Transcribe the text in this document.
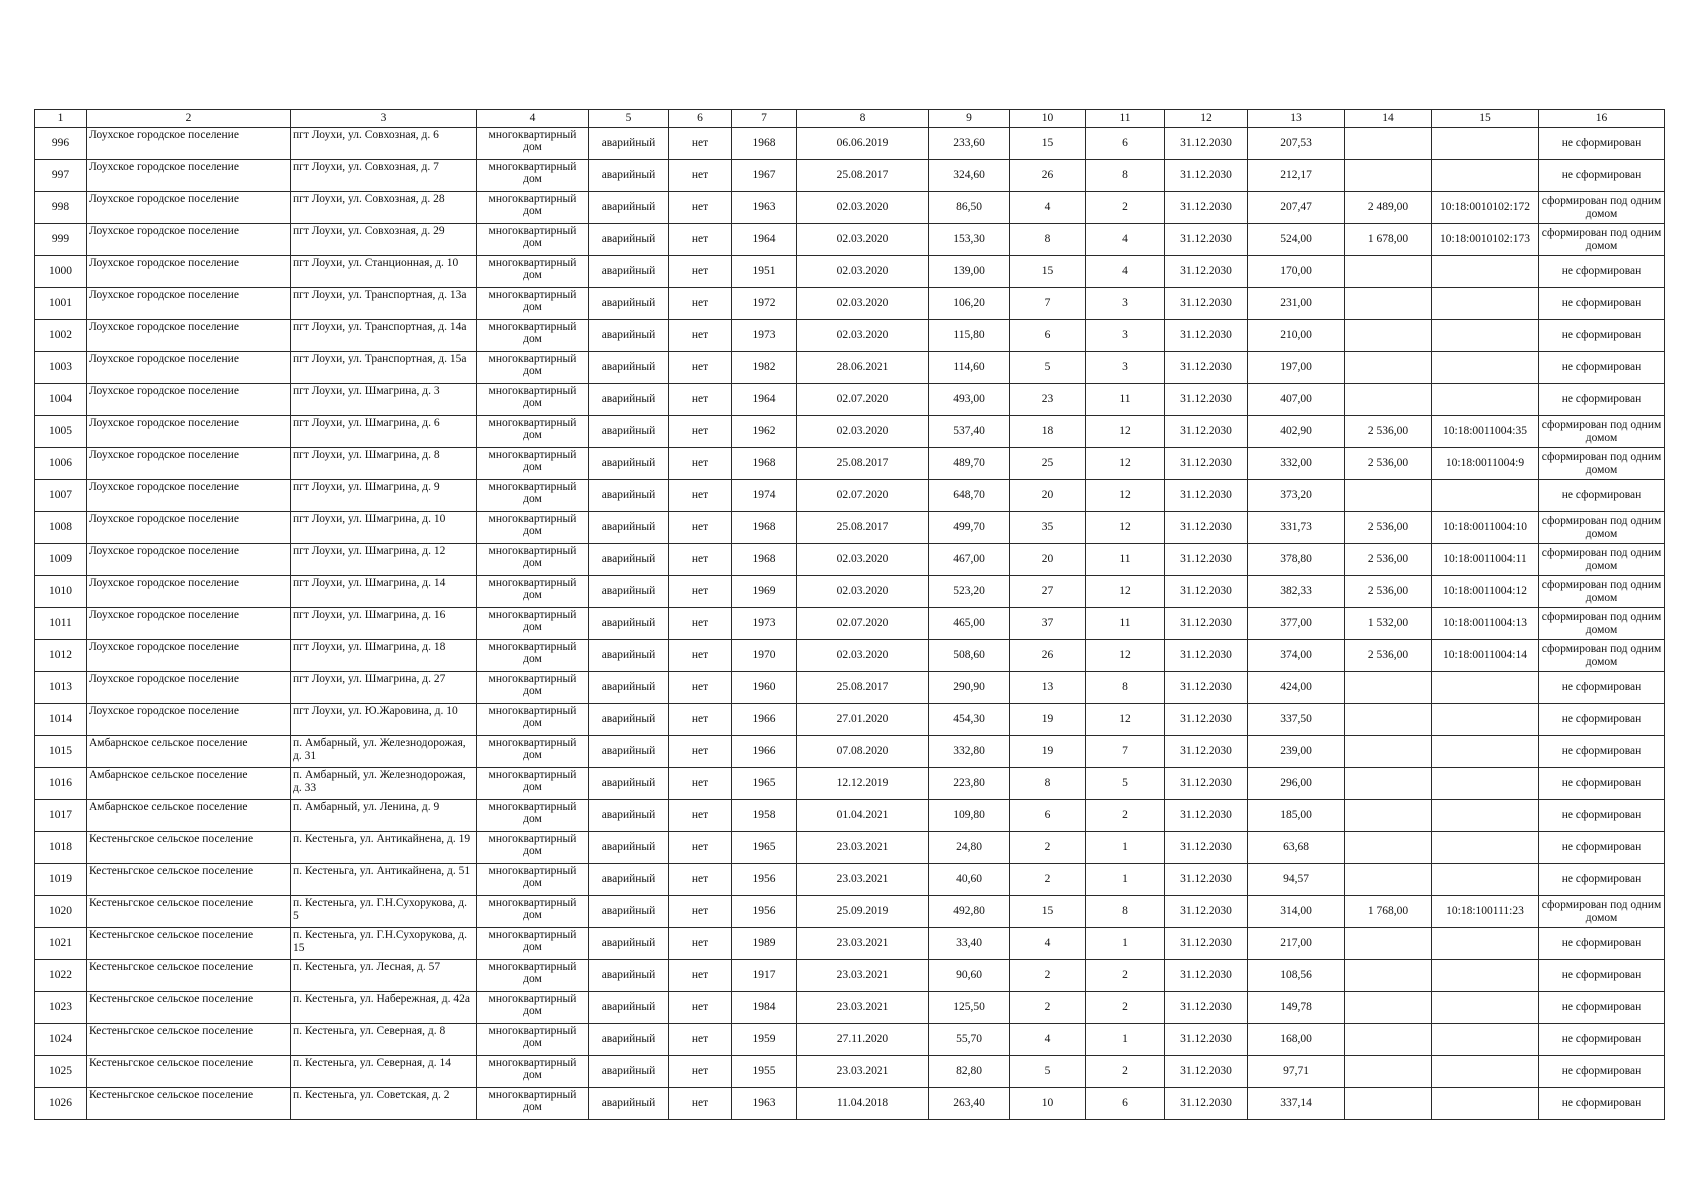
1	2	3	4	5	6	7	8	9	10	11	12	13	14	15	16
996	Лоухское городское поселение	пгт Лоухи, ул. Совхозная, д. 6	многоквартирный дом	аварийный	нет	1968	06.06.2019	233,60	15	6	31.12.2030	207,53			не сформирован
997	Лоухское городское поселение	пгт Лоухи, ул. Совхозная, д. 7	многоквартирный дом	аварийный	нет	1967	25.08.2017	324,60	26	8	31.12.2030	212,17			не сформирован
998	Лоухское городское поселение	пгт Лоухи, ул. Совхозная, д. 28	многоквартирный дом	аварийный	нет	1963	02.03.2020	86,50	4	2	31.12.2030	207,47	2 489,00	10:18:0010102:172	сформирован под одним домом
999	Лоухское городское поселение	пгт Лоухи, ул. Совхозная, д. 29	многоквартирный дом	аварийный	нет	1964	02.03.2020	153,30	8	4	31.12.2030	524,00	1 678,00	10:18:0010102:173	сформирован под одним домом
1000	Лоухское городское поселение	пгт Лоухи, ул. Станционная, д. 10	многоквартирный дом	аварийный	нет	1951	02.03.2020	139,00	15	4	31.12.2030	170,00			не сформирован
1001	Лоухское городское поселение	пгт Лоухи, ул. Транспортная, д. 13а	многоквартирный дом	аварийный	нет	1972	02.03.2020	106,20	7	3	31.12.2030	231,00			не сформирован
1002	Лоухское городское поселение	пгт Лоухи, ул. Транспортная, д. 14а	многоквартирный дом	аварийный	нет	1973	02.03.2020	115,80	6	3	31.12.2030	210,00			не сформирован
1003	Лоухское городское поселение	пгт Лоухи, ул. Транспортная, д. 15а	многоквартирный дом	аварийный	нет	1982	28.06.2021	114,60	5	3	31.12.2030	197,00			не сформирован
1004	Лоухское городское поселение	пгт Лоухи, ул. Шмагрина, д. 3	многоквартирный дом	аварийный	нет	1964	02.07.2020	493,00	23	11	31.12.2030	407,00			не сформирован
1005	Лоухское городское поселение	пгт Лоухи, ул. Шмагрина, д. 6	многоквартирный дом	аварийный	нет	1962	02.03.2020	537,40	18	12	31.12.2030	402,90	2 536,00	10:18:0011004:35	сформирован под одним домом
1006	Лоухское городское поселение	пгт Лоухи, ул. Шмагрина, д. 8	многоквартирный дом	аварийный	нет	1968	25.08.2017	489,70	25	12	31.12.2030	332,00	2 536,00	10:18:0011004:9	сформирован под одним домом
1007	Лоухское городское поселение	пгт Лоухи, ул. Шмагрина, д. 9	многоквартирный дом	аварийный	нет	1974	02.07.2020	648,70	20	12	31.12.2030	373,20			не сформирован
1008	Лоухское городское поселение	пгт Лоухи, ул. Шмагрина, д. 10	многоквартирный дом	аварийный	нет	1968	25.08.2017	499,70	35	12	31.12.2030	331,73	2 536,00	10:18:0011004:10	сформирован под одним домом
1009	Лоухское городское поселение	пгт Лоухи, ул. Шмагрина, д. 12	многоквартирный дом	аварийный	нет	1968	02.03.2020	467,00	20	11	31.12.2030	378,80	2 536,00	10:18:0011004:11	сформирован под одним домом
1010	Лоухское городское поселение	пгт Лоухи, ул. Шмагрина, д. 14	многоквартирный дом	аварийный	нет	1969	02.03.2020	523,20	27	12	31.12.2030	382,33	2 536,00	10:18:0011004:12	сформирован под одним домом
1011	Лоухское городское поселение	пгт Лоухи, ул. Шмагрина, д. 16	многоквартирный дом	аварийный	нет	1973	02.07.2020	465,00	37	11	31.12.2030	377,00	1 532,00	10:18:0011004:13	сформирован под одним домом
1012	Лоухское городское поселение	пгт Лоухи, ул. Шмагрина, д. 18	многоквартирный дом	аварийный	нет	1970	02.03.2020	508,60	26	12	31.12.2030	374,00	2 536,00	10:18:0011004:14	сформирован под одним домом
1013	Лоухское городское поселение	пгт Лоухи, ул. Шмагрина, д. 27	многоквартирный дом	аварийный	нет	1960	25.08.2017	290,90	13	8	31.12.2030	424,00			не сформирован
1014	Лоухское городское поселение	пгт Лоухи, ул. Ю.Жаровина, д. 10	многоквартирный дом	аварийный	нет	1966	27.01.2020	454,30	19	12	31.12.2030	337,50			не сформирован
1015	Амбарнское сельское поселение	п. Амбарный, ул. Железнодорожая, д. 31	многоквартирный дом	аварийный	нет	1966	07.08.2020	332,80	19	7	31.12.2030	239,00			не сформирован
1016	Амбарнское сельское поселение	п. Амбарный, ул. Железнодорожая, д. 33	многоквартирный дом	аварийный	нет	1965	12.12.2019	223,80	8	5	31.12.2030	296,00			не сформирован
1017	Амбарнское сельское поселение	п. Амбарный, ул. Ленина, д. 9	многоквартирный дом	аварийный	нет	1958	01.04.2021	109,80	6	2	31.12.2030	185,00			не сформирован
1018	Кестеньгское сельское поселение	п. Кестеньга, ул. Антикайнена, д. 19	многоквартирный дом	аварийный	нет	1965	23.03.2021	24,80	2	1	31.12.2030	63,68			не сформирован
1019	Кестеньгское сельское поселение	п. Кестеньга, ул. Антикайнена, д. 51	многоквартирный дом	аварийный	нет	1956	23.03.2021	40,60	2	1	31.12.2030	94,57			не сформирован
1020	Кестеньгское сельское поселение	п. Кестеньга, ул. Г.Н.Сухорукова, д. 5	многоквартирный дом	аварийный	нет	1956	25.09.2019	492,80	15	8	31.12.2030	314,00	1 768,00	10:18:100111:23	сформирован под одним домом
1021	Кестеньгское сельское поселение	п. Кестеньга, ул. Г.Н.Сухорукова, д. 15	многоквартирный дом	аварийный	нет	1989	23.03.2021	33,40	4	1	31.12.2030	217,00			не сформирован
1022	Кестеньгское сельское поселение	п. Кестеньга, ул. Лесная, д. 57	многоквартирный дом	аварийный	нет	1917	23.03.2021	90,60	2	2	31.12.2030	108,56			не сформирован
1023	Кестеньгское сельское поселение	п. Кестеньга, ул. Набережная, д. 42а	многоквартирный дом	аварийный	нет	1984	23.03.2021	125,50	2	2	31.12.2030	149,78			не сформирован
1024	Кестеньгское сельское поселение	п. Кестеньга, ул. Северная, д. 8	многоквартирный дом	аварийный	нет	1959	27.11.2020	55,70	4	1	31.12.2030	168,00			не сформирован
1025	Кестеньгское сельское поселение	п. Кестеньга, ул. Северная, д. 14	многоквартирный дом	аварийный	нет	1955	23.03.2021	82,80	5	2	31.12.2030	97,71			не сформирован
1026	Кестеньгское сельское поселение	п. Кестеньга, ул. Советская, д. 2	многоквартирный дом	аварийный	нет	1963	11.04.2018	263,40	10	6	31.12.2030	337,14			не сформирован
